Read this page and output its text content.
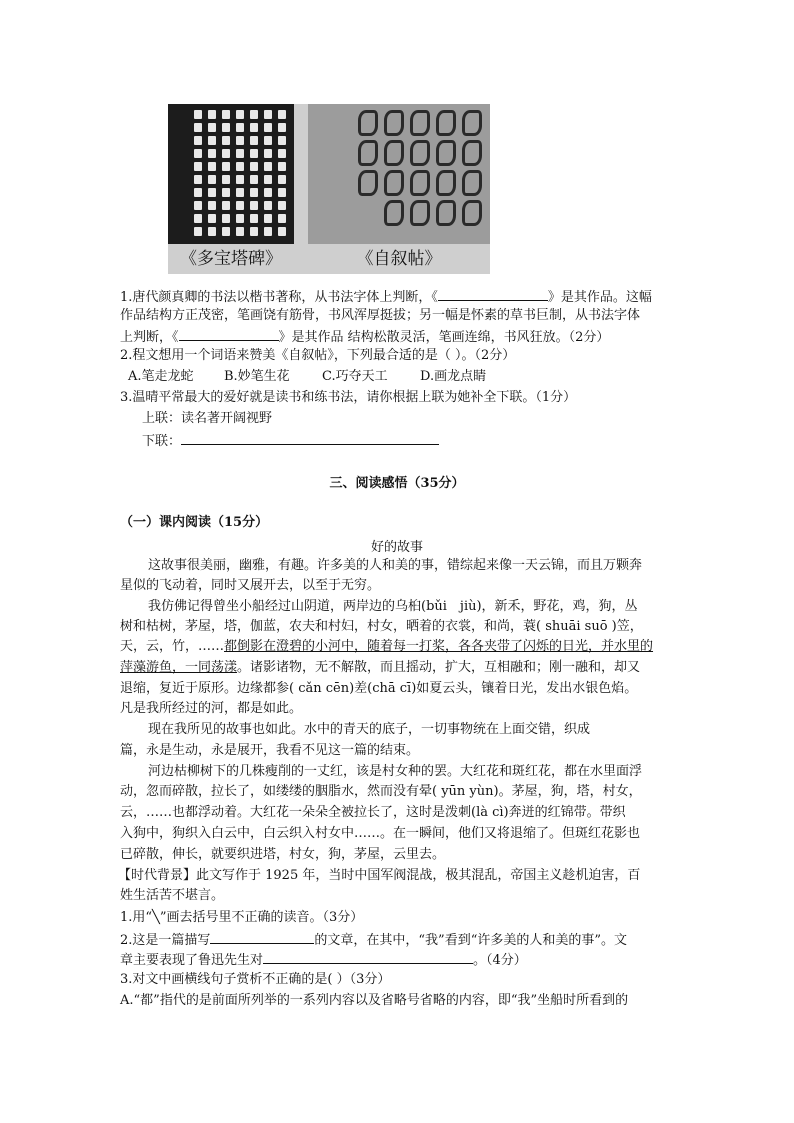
《多宝塔碑》	《自叙帖》
1.唐代颜真卿的书法以楷书著称，从书法字体上判断，《	》是其作品。这幅
作品结构方正茂密，笔画饶有筋骨，书风浑厚挺拔；另一幅是怀素的草书巨制，从书法字体
上判断，《	》是其作品 结构松散灵活，笔画连绵，书风狂放。（2分）
2.程文想用一个词语来赞美《自叙帖》，下列最合适的是（ ）。（2分）
A.笔走龙蛇 B.妙笔生花 C.巧夺天工 D.画龙点睛
3.温晴平常最大的爱好就是读书和练书法，请你根据上联为她补全下联。（1分）
上联：读名著开阔视野
下联：
三、阅读感悟（35分）
（一）课内阅读（15分）
好的故事
这故事很美丽，幽雅，有趣。许多美的人和美的事，错综起来像一天云锦，而且万颗奔
星似的飞动着，同时又展开去，以至于无穷。
我仿佛记得曾坐小船经过山阴道，两岸边的乌桕(bǔi　jiù)，新禾，野花，鸡，狗，丛
树和枯树，茅屋，塔，伽蓝，农夫和村妇，村女，晒着的衣裳，和尚，蓑( shuāi suō )笠，
天，云，竹，……都倒影在澄碧的小河中，随着每一打桨，各各夹带了闪烁的日光，并水里的
萍藻游鱼，一同荡漾。诸影诸物，无不解散，而且摇动，扩大，互相融和；刚一融和，却又
退缩，复近于原形。边缘都参( cǎn cēn)差(chā cī)如夏云头，镶着日光，发出水银色焰。
凡是我所经过的河，都是如此。
现在我所见的故事也如此。水中的青天的底子，一切事物统在上面交错，织成
篇，永是生动，永是展开，我看不见这一篇的结束。
河边枯柳树下的几株瘦削的一丈红，该是村女种的罢。大红花和斑红花，都在水里面浮
动，忽而碎散，拉长了，如缕缕的胭脂水，然而没有晕( yūn yùn)。茅屋，狗，塔，村女，
云，……也都浮动着。大红花一朵朵全被拉长了，这时是泼刺(là cì)奔迸的红锦带。带织
入狗中，狗织入白云中，白云织入村女中……。在一瞬间，他们又将退缩了。但斑红花影也
已碎散，伸长，就要织进塔，村女，狗，茅屋，云里去。
【时代背景】此文写作于 1925 年，当时中国军阀混战，极其混乱，帝国主义趁机迫害，百
姓生活苦不堪言。
1.用“╲”画去括号里不正确的读音。（3分）
2.这是一篇描写	的文章，在其中，“我”看到“许多美的人和美的事”。文
章主要表现了鲁迅先生对	。（4分）
3.对文中画横线句子赏析不正确的是( ）（3分）
A.“都”指代的是前面所列举的一系列内容以及省略号省略的内容，即“我”坐船时所看到的
